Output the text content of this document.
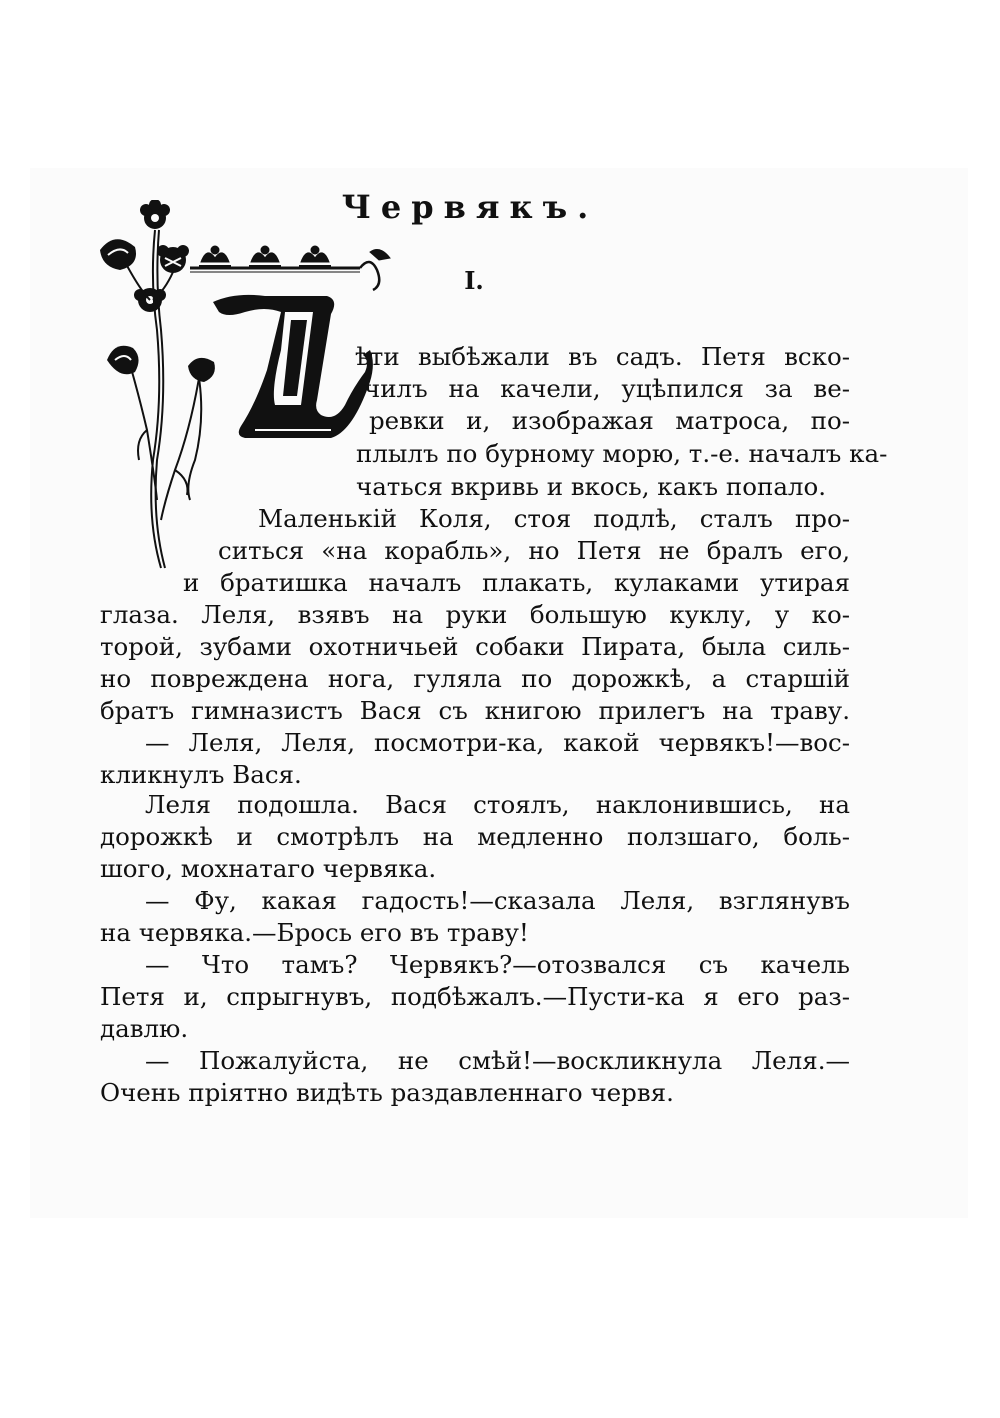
Червякъ.
I.

ѣти выбѣжали въ садъ. Петя вско-

чилъ на качели, уцѣпился за ве-

ревки и, изображая матроса, по-

плылъ по бурному морю, т.-е. началъ ка-

чаться вкривь и вкось, какъ попало.

Маленькій Коля, стоя подлѣ, сталъ про-

ситься «на корабль», но Петя не бралъ его,

и братишка началъ плакать, кулаками утирая

глаза. Леля, взявъ на руки большую куклу, у ко-

торой, зубами охотничьей собаки Пирата, была силь-

но повреждена нога, гуляла по дорожкѣ, а старшій

братъ гимназистъ Вася съ книгою прилегъ на траву.

— Леля, Леля, посмотри-ка, какой червякъ!—вос-

кликнулъ Вася.

Леля подошла. Вася стоялъ, наклонившись, на

дорожкѣ и смотрѣлъ на медленно ползшаго, боль-

шого, мохнатаго червяка.

— Фу, какая гадость!—сказала Леля, взглянувъ

на червяка.—Брось его въ траву!

— Что тамъ? Червякъ?—отозвался съ качель

Петя и, спрыгнувъ, подбѣжалъ.—Пусти-ка я его раз-

давлю.

— Пожалуйста, не смѣй!—воскликнула Леля.—

Очень пріятно видѣть раздавленнаго червя.
